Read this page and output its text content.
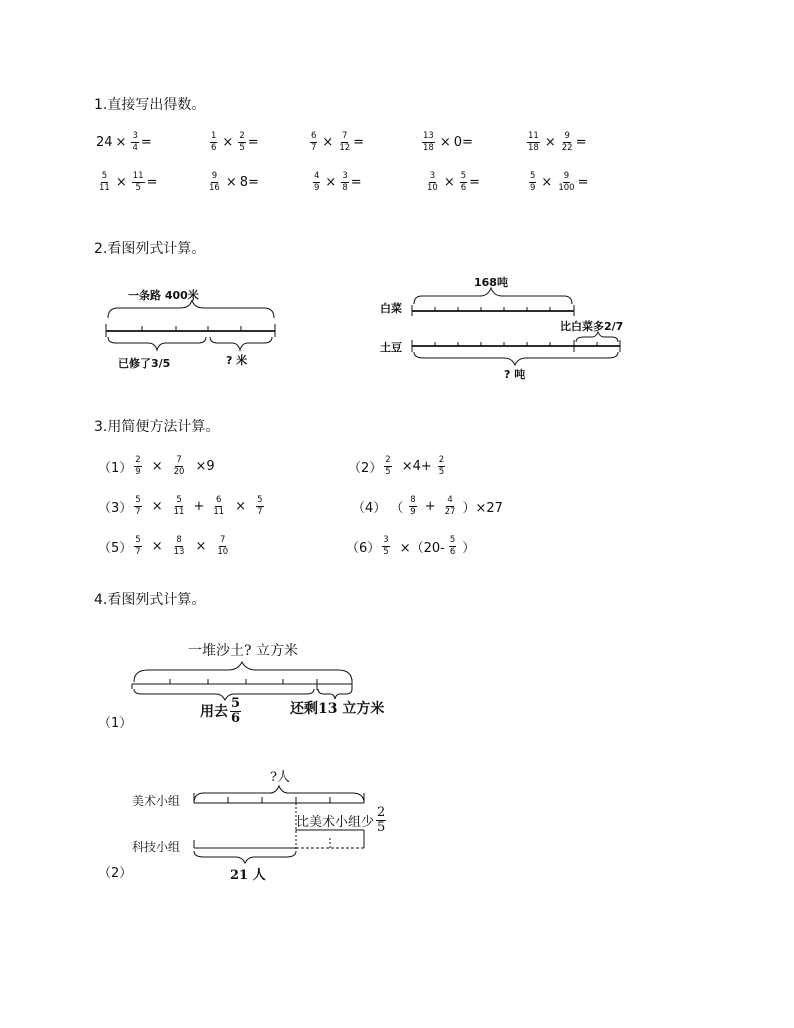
1.直接写出得数。
2.看图列式计算。
3.用简便方法计算。
4.看图列式计算。
$24 \times \frac{3}{4}$ =	$\frac{1}{6} \times \frac{2}{5}$ =	$\frac{6}{7} \times \frac{7}{12}$ =	$\frac{13}{18} \times 0$ =	$\frac{11}{18} \times \frac{9}{22}$ =
$\frac{5}{11} \times \frac{11}{5}$ =	$\frac{9}{16} \times 8$ =	$\frac{4}{9} \times \frac{3}{8}$ =	$\frac{3}{10} \times \frac{5}{6}$ =	$\frac{5}{9} \times \frac{9}{100}$ =
一条路 400米
已修了3/5	? 米
168吨
白菜
比白菜多2/7
土豆
? 吨
$(1) \frac{2}{9} \times \frac{7}{20} \times 9$	$(2) \frac{2}{5} \times 4+ \frac{2}{5}$
$(3) \frac{5}{7} \times \frac{5}{11} + \frac{6}{11} \times \frac{5}{7}$	（4） （ $\frac{8}{9} + \frac{4}{27} )\times 27$
$(5) \frac{5}{7} \times \frac{8}{13} \times \frac{7}{10}$	$(6) \frac{3}{5} \times(20- \frac{5}{6}$ ）
一堆沙土? 立方米
（1）
用去 $\frac{5}{6}$	还剩13 立方米
?人
美术小组
比美术小组少 $\frac{2}{5}$
科技小组
（2）	21 人
